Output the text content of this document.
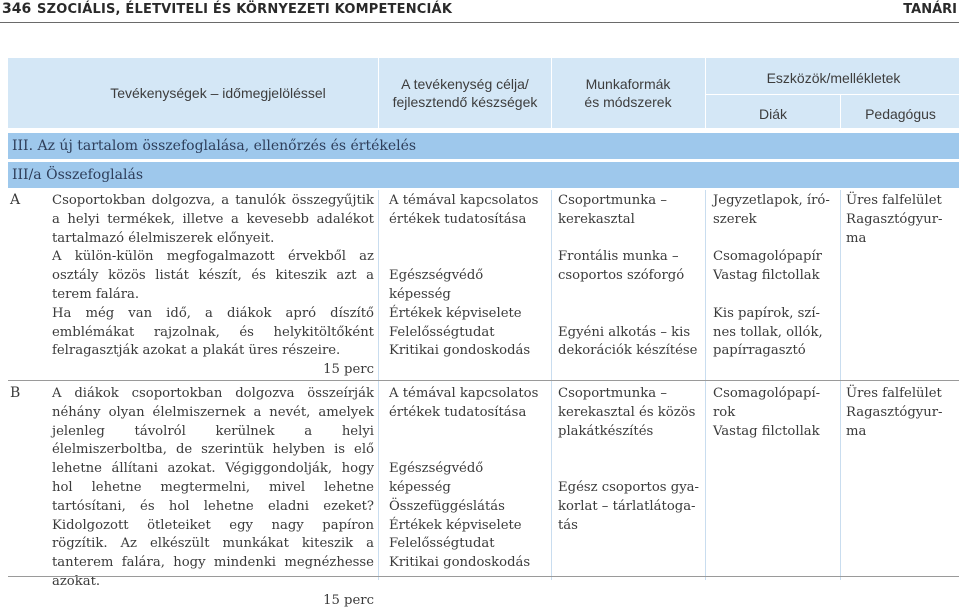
346 SZOCIÁLIS, ÉLETVITELI ÉS KÖRNYEZETI KOMPETENCIÁK	TANÁRI
Tevékenységek – időmegjelöléssel
A tevékenység célja/
fejlesztendő készségek
Munkaformák
és módszerek
Eszközök/mellékletek
Diák	Pedagógus
III. Az új tartalom összefoglalása, ellenőrzés és értékelés
III/a Összefoglalás
A Csoportokban dolgozva, a tanulók összegyűjtik a helyi termékek, illetve a kevesebb adalékot tartalmazó élelmiszerek előnyeit.

A külön-külön megfogalmazott érvekből az osztály közös listát készít, és kiteszik azt a terem falára.

Ha még van idő, a diákok apró díszítő emblémákat rajzolnak, és helykitöltőként felragasztják azokat a plakát üres részeire.

15 perc

A témával kapcsolatos
értékek tudatosítása
Egészségvédő képesség
Értékek képviselete
Felelősségtudat
Kritikai gondoskodás
Csoportmunka –
kerekasztal
Frontális munka –
csoportos szóforgó
Egyéni alkotás – kis
dekorációk készítése
Jegyzetlapok, író-
szerek
Csomagolópapír
Vastag filctollak
Kis papírok, szí-
nes tollak, ollók,
papírragasztó
Üres falfelület
Ragasztógyur-
ma
B A diákok csoportokban dolgozva összeírják néhány olyan élelmiszernek a nevét, amelyek jelenleg távolról kerülnek a helyi élelmiszerboltba, de szerintük helyben is elő lehetne állítani azokat. Végiggondolják, hogy hol lehetne megtermelni, mivel lehetne tartósítani, és hol lehetne eladni ezeket? Kidolgozott ötleteiket egy nagy papíron rögzítik. Az elkészült munkákat kiteszik a tanterem falára, hogy mindenki megnézhesse azokat.

15 perc

A témával kapcsolatos
értékek tudatosítása
Egészségvédő képesség
Összefüggéslátás
Értékek képviselete
Felelősségtudat
Kritikai gondoskodás
Csoportmunka –
kerekasztal és közös
plakátkészítés
Egész csoportos gya-
korlat – tárlatlátoga-
tás
Csomagolópapí-
rok
Vastag filctollak
Üres falfelület
Ragasztógyur-
ma
